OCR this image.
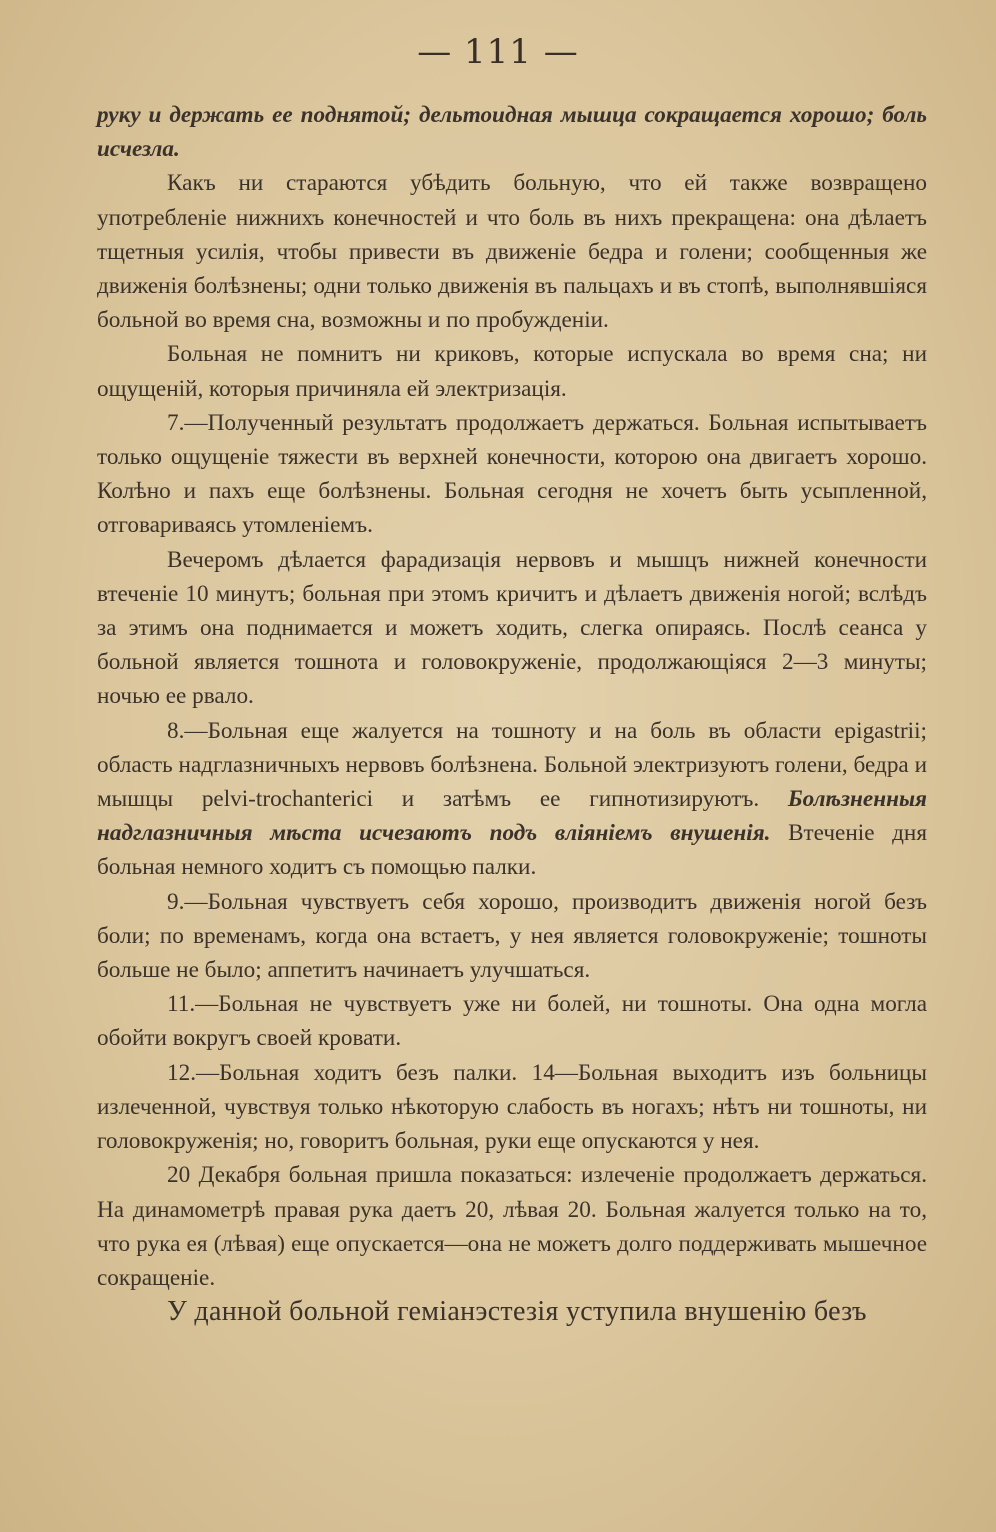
— 111 —

руку и держать ее поднятой; дельтоидная мышца сокращается хорошо; боль исчезла.

Какъ ни стараются убѣдить больную, что ей также возвращено употребленіе нижнихъ конечностей и что боль въ нихъ прекращена: она дѣлаетъ тщетныя усилія, чтобы привести въ движеніе бедра и голени; сообщенныя же движенія болѣзнены; одни только движенія въ пальцахъ и въ стопѣ, выполнявшіяся больной во время сна, возможны и по пробужденіи.

Больная не помнитъ ни криковъ, которые испускала во время сна; ни ощущеній, которыя причиняла ей электризація.

7.—Полученный результатъ продолжаетъ держаться. Больная испытываетъ только ощущеніе тяжести въ верхней конечности, которою она двигаетъ хорошо. Колѣно и пахъ еще болѣзнены. Больная сегодня не хочетъ быть усыпленной, отговариваясь утомленіемъ.

Вечеромъ дѣлается фарадизація нервовъ и мышцъ нижней конечности втеченіе 10 минутъ; больная при этомъ кричитъ и дѣлаетъ движенія ногой; вслѣдъ за этимъ она поднимается и можетъ ходить, слегка опираясь. Послѣ сеанса у больной является тошнота и головокруженіе, продолжающіяся 2—3 минуты; ночью ее рвало.

8.—Больная еще жалуется на тошноту и на боль въ области epigastrii; область надглазничныхъ нервовъ болѣзнена. Больной электризуютъ голени, бедра и мышцы pelvi-trochanterici и затѣмъ ее гипнотизируютъ. Болѣзненныя надглазничныя мѣста исчезаютъ подъ вліяніемъ внушенія. Втеченіе дня больная немного ходитъ съ помощью палки.

9.—Больная чувствуетъ себя хорошо, производитъ движенія ногой безъ боли; по временамъ, когда она встаетъ, у нея является головокруженіе; тошноты больше не было; аппетитъ начинаетъ улучшаться.

11.—Больная не чувствуетъ уже ни болей, ни тошноты. Она одна могла обойти вокругъ своей кровати.

12.—Больная ходитъ безъ палки. 14—Больная выходитъ изъ больницы излеченной, чувствуя только нѣкоторую слабость въ ногахъ; нѣтъ ни тошноты, ни головокруженія; но, говоритъ больная, руки еще опускаются у нея.

20 Декабря больная пришла показаться: излеченіе продолжаетъ держаться. На динамометрѣ правая рука даетъ 20, лѣвая 20. Больная жалуется только на то, что рука ея (лѣвая) еще опускается—она не можетъ долго поддерживать мышечное сокращеніе.

У данной больной геміанэстезія уступила внушенію безъ
